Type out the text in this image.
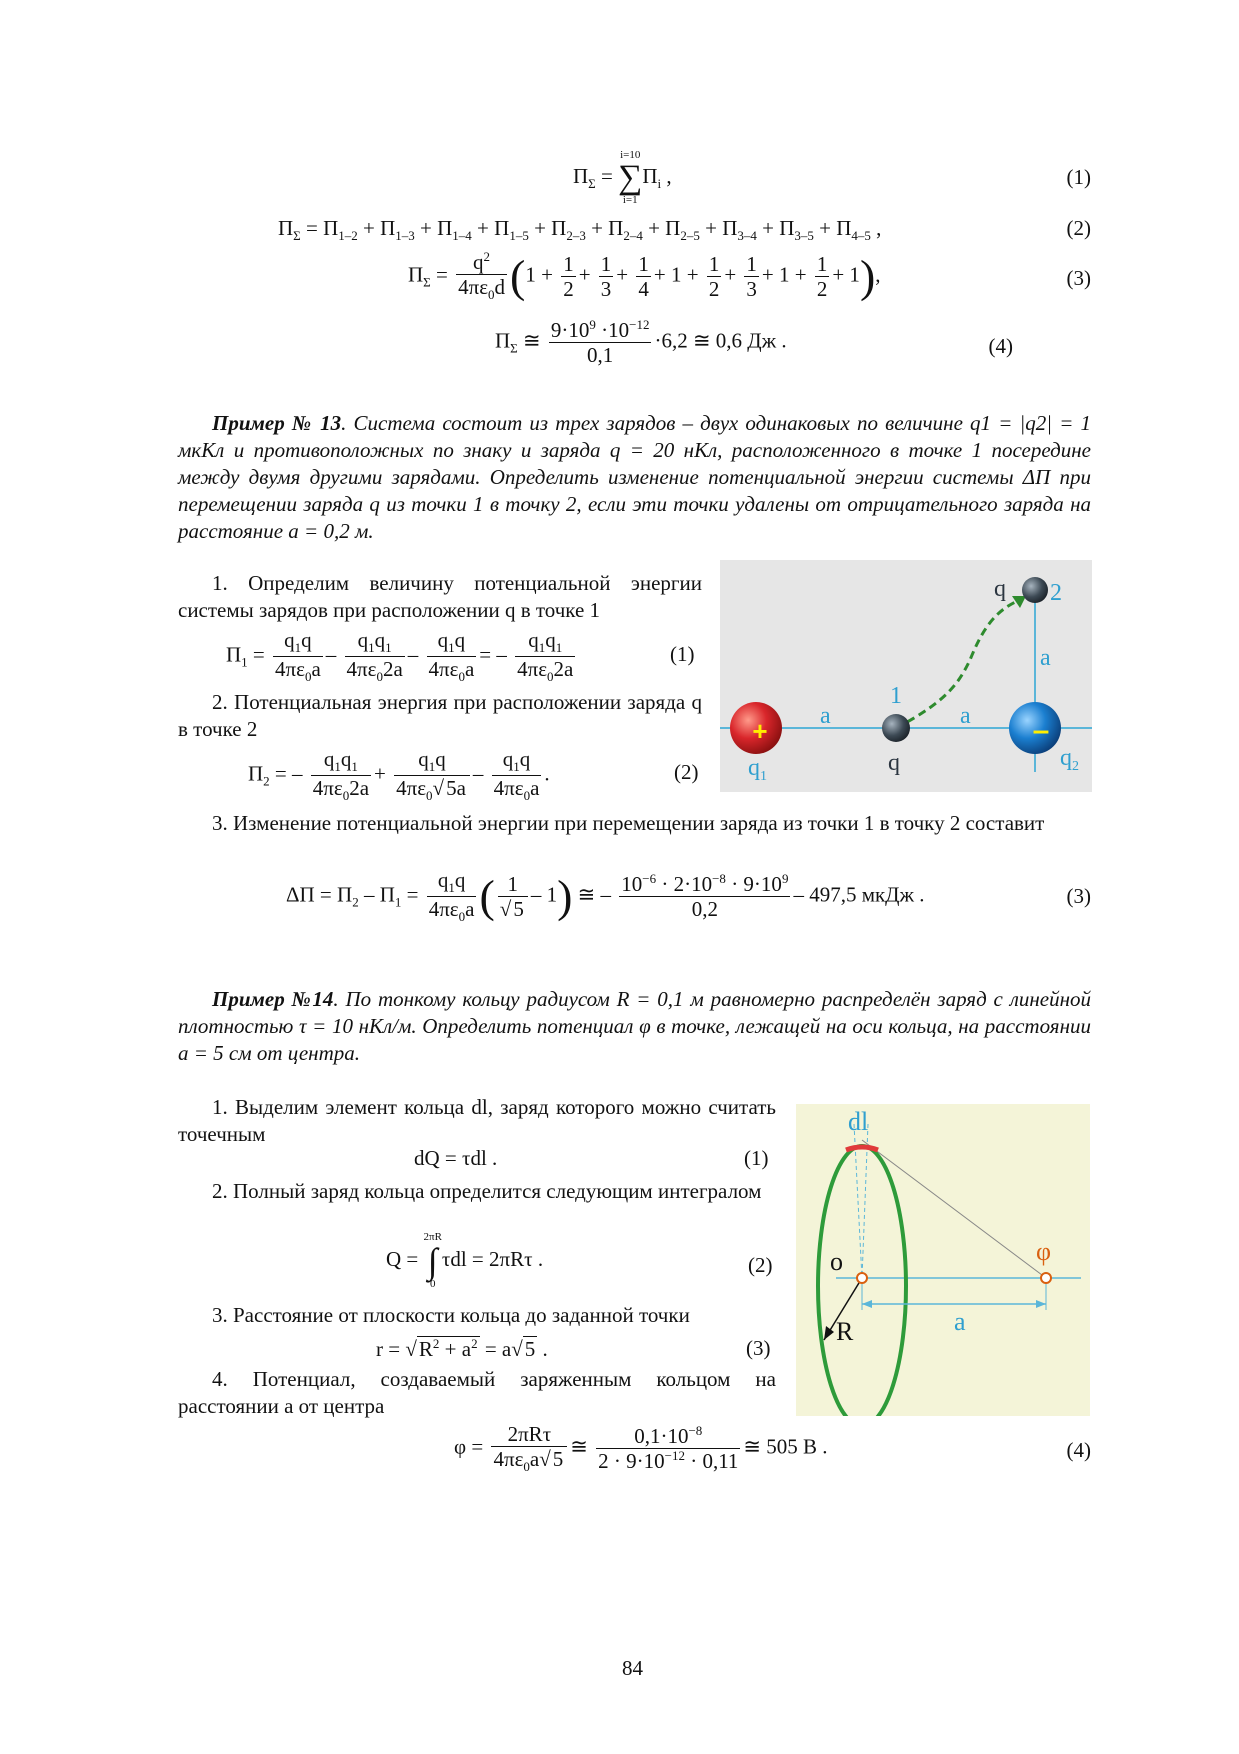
$\Pi_\Sigma$ =
i=10
∑
i=1
$\Pi_i$ ,	(1)
$\Pi_\Sigma = \Pi_{1-2} + \Pi_{1-3} + \Pi_{1-4} + \Pi_{1-5} + \Pi_{2-3} + \Pi_{2-4} + \Pi_{2-5} + \Pi_{3-4} + \Pi_{3-5} + \Pi_{4-5}$ ,	(2)
$\Pi_\Sigma = \frac{q^2}{4\pi\varepsilon_0d} (1 + \frac{1}{2} + \frac{1}{3} + \frac{1}{4} + 1 + \frac{1}{2} + \frac{1}{3} + 1 + \frac{1}{2} + 1)$,	(3)
$\Pi_\Sigma$ ≅ $\frac{9\cdot 10^9 \cdot 10^{-12}}{0,1} \cdot 6,2$ ≅ 0,6 Дж .	(4)
Пример № 13. Система состоит из трех зарядов – двух одинаковых по величине q1 = |q2| = 1 мкКл и противоположных по знаку и заряда q = 20 нКл, расположенного в точке 1 посередине между двумя другими зарядами. Определить изменение потенциальной энергии системы ΔП при перемещении заряда q из точки 1 в точку 2, если эти точки удалены от отрицательного заряда на расстояние а = 0,2 м.
1. Определим величину потенциальной энергии системы зарядов при расположении q в точке 1
$\Pi_1 = \frac{q_1q}{4\pi\varepsilon_0a} - \frac{q_1q_1}{4\pi\varepsilon_02a} - \frac{q_1q}{4\pi\varepsilon_0a}$ = – $\frac{q_1q_1}{4\pi\varepsilon_02a}$	(1)
2. Потенциальная энергия при расположении заряда q в точке 2
$\Pi_2$ = – $\frac{q_1q_1}{4\pi\varepsilon_02a} + \frac{q_1q}{4\pi\varepsilon_0√5a} - \frac{q_1q}{4\pi\varepsilon_0a}$ .	(2)
+	–
q 2
a	a
a
1
q
$q_1$
$q_2$
3. Изменение потенциальной энергии при перемещении заряда из точки 1 в точку 2 составит
$\Delta\Pi = \Pi_2 - \Pi_1 = \frac{q_1q}{4\pi\varepsilon_0a}$ ( $\frac{1}{√5} - 1$) ≅ – $\frac{10^{-6} \cdot 2\cdot 10^{-8} \cdot 9\cdot 10^9}{0,2} - 497,5$ мкДж .	(3)
Пример №14. По тонкому кольцу радиусом R = 0,1 м равномерно распределён заряд с линейной плотностью τ = 10 нКл/м. Определить потенциал φ в точке, лежащей на оси кольца, на расстоянии а = 5 см от центра.
1. Выделим элемент кольца dl, заряд которого можно считать точечным
dQ = τdl .	(1)
2. Полный заряд кольца определится следующим интегралом
Q =
2πR
∫
0
τdl = 2πRτ .	(2)
3. Расстояние от плоскости кольца до заданной точки
$r = √R^2 + a^2 = a√5$ .	(3)
4. Потенциал, создаваемый заряженным кольцом на расстоянии а от центра
φ =
2πRτ
$4\pi\varepsilon_0a√5$
≅ $\frac{0,1\cdot 10^{-8}}{2 \cdot 9\cdot 10^{-12} \cdot 0,11}$ ≅ 505 В .	(4)
dl
o	φ
R	a
84
